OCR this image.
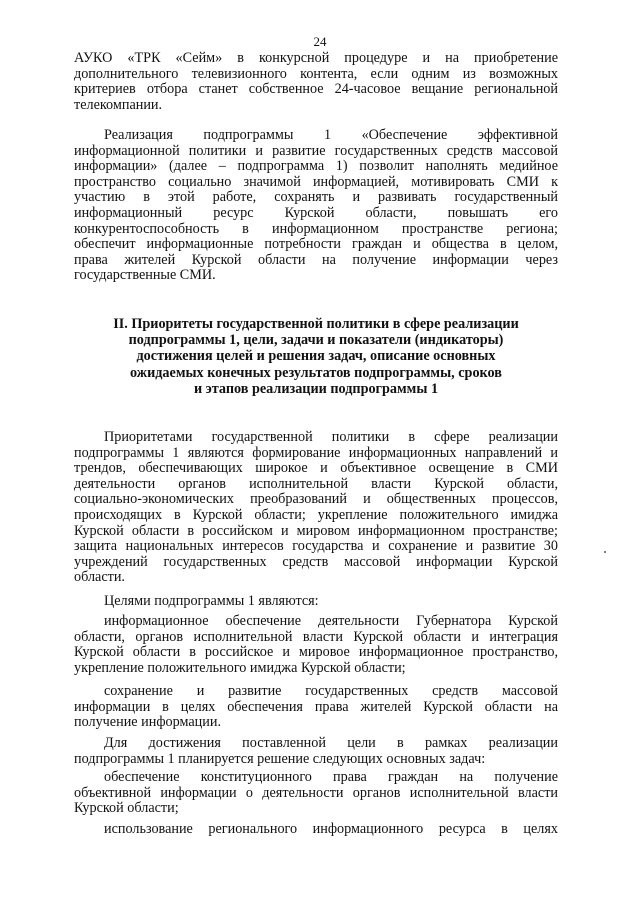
24
АУКО «ТРК «Сейм» в конкурсной процедуре и на приобретение
дополнительного телевизионного контента, если одним из возможных
критериев отбора станет собственное 24-часовое вещание региональной
телекомпании.
Реализация подпрограммы 1 «Обеспечение эффективной
информационной политики и развитие государственных средств массовой
информации» (далее – подпрограмма 1) позволит наполнять медийное
пространство социально значимой информацией, мотивировать СМИ к
участию в этой работе, сохранять и развивать государственный
информационный ресурс Курской области, повышать его
конкурентоспособность в информационном пространстве региона;
обеспечит информационные потребности граждан и общества в целом,
права жителей Курской области на получение информации через
государственные СМИ.
II. Приоритеты государственной политики в сфере реализации
подпрограммы 1, цели, задачи и показатели (индикаторы)
достижения целей и решения задач, описание основных
ожидаемых конечных результатов подпрограммы, сроков
и этапов реализации подпрограммы 1
Приоритетами государственной политики в сфере реализации
подпрограммы 1 являются формирование информационных направлений и
трендов, обеспечивающих широкое и объективное освещение в СМИ
деятельности органов исполнительной власти Курской области,
социально-экономических преобразований и общественных процессов,
происходящих в Курской области; укрепление положительного имиджа
Курской области в российском и мировом информационном пространстве;
защита национальных интересов государства и сохранение и развитие 30
учреждений государственных средств массовой информации Курской
области.
Целями подпрограммы 1 являются:
информационное обеспечение деятельности Губернатора Курской
области, органов исполнительной власти Курской области и интеграция
Курской области в российское и мировое информационное пространство,
укрепление положительного имиджа Курской области;
сохранение и развитие государственных средств массовой
информации в целях обеспечения права жителей Курской области на
получение информации.
Для достижения поставленной цели в рамках реализации
подпрограммы 1 планируется решение следующих основных задач:
обеспечение конституционного права граждан на получение
объективной информации о деятельности органов исполнительной власти
Курской области;
использование регионального информационного ресурса в целях
